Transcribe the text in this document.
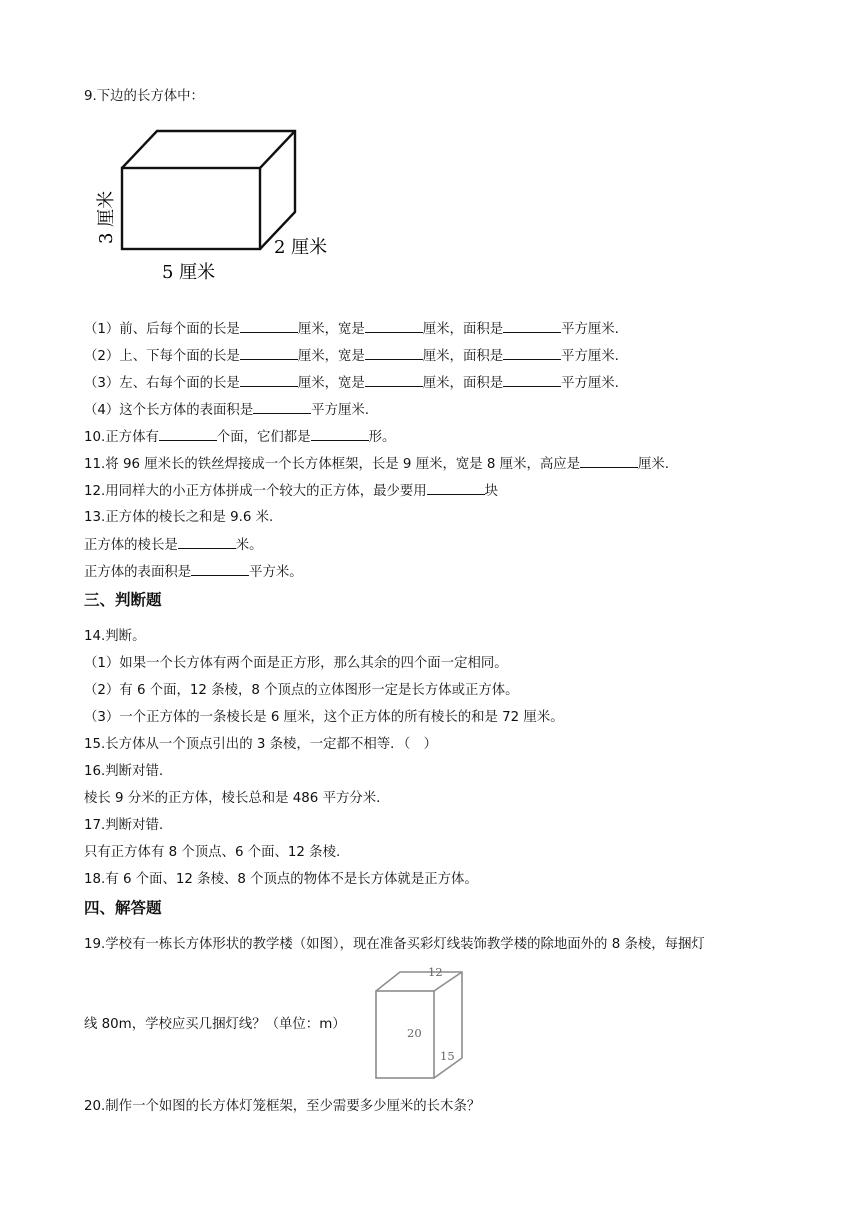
9.下边的长方体中：
3 厘米
2 厘米
5 厘米
（1）前、后每个面的长是	厘米，宽是	厘米，面积是	平方厘米.
（2）上、下每个面的长是	厘米，宽是	厘米，面积是	平方厘米.
（3）左、右每个面的长是	厘米，宽是	厘米，面积是	平方厘米.
（4）这个长方体的表面积是	平方厘米.
10.正方体有	个面，它们都是	形。
11.将 96 厘米长的铁丝焊接成一个长方体框架，长是 9 厘米，宽是 8 厘米，高应是	厘米.
12.用同样大的小正方体拼成一个较大的正方体，最少要用	块
13.正方体的棱长之和是 9.6 米.
正方体的棱长是	米。
正方体的表面积是	平方米。
三、判断题
14.判断。
（1）如果一个长方体有两个面是正方形，那么其余的四个面一定相同。
（2）有 6 个面，12 条棱，8 个顶点的立体图形一定是长方体或正方体。
（3）一个正方体的一条棱长是 6 厘米，这个正方体的所有棱长的和是 72 厘米。
15.长方体从一个顶点引出的 3 条棱，一定都不相等．（　）
16.判断对错.
棱长 9 分米的正方体，棱长总和是 486 平方分米.
17.判断对错.
只有正方体有 8 个顶点、6 个面、12 条棱.
18.有 6 个面、12 条棱、8 个顶点的物体不是长方体就是正方体。
四、解答题
19.学校有一栋长方体形状的教学楼（如图），现在准备买彩灯线装饰教学楼的除地面外的 8 条棱，每捆灯
12
20
15
线 80m，学校应买几捆灯线？（单位：m）
20.制作一个如图的长方体灯笼框架，至少需要多少厘米的长木条？
